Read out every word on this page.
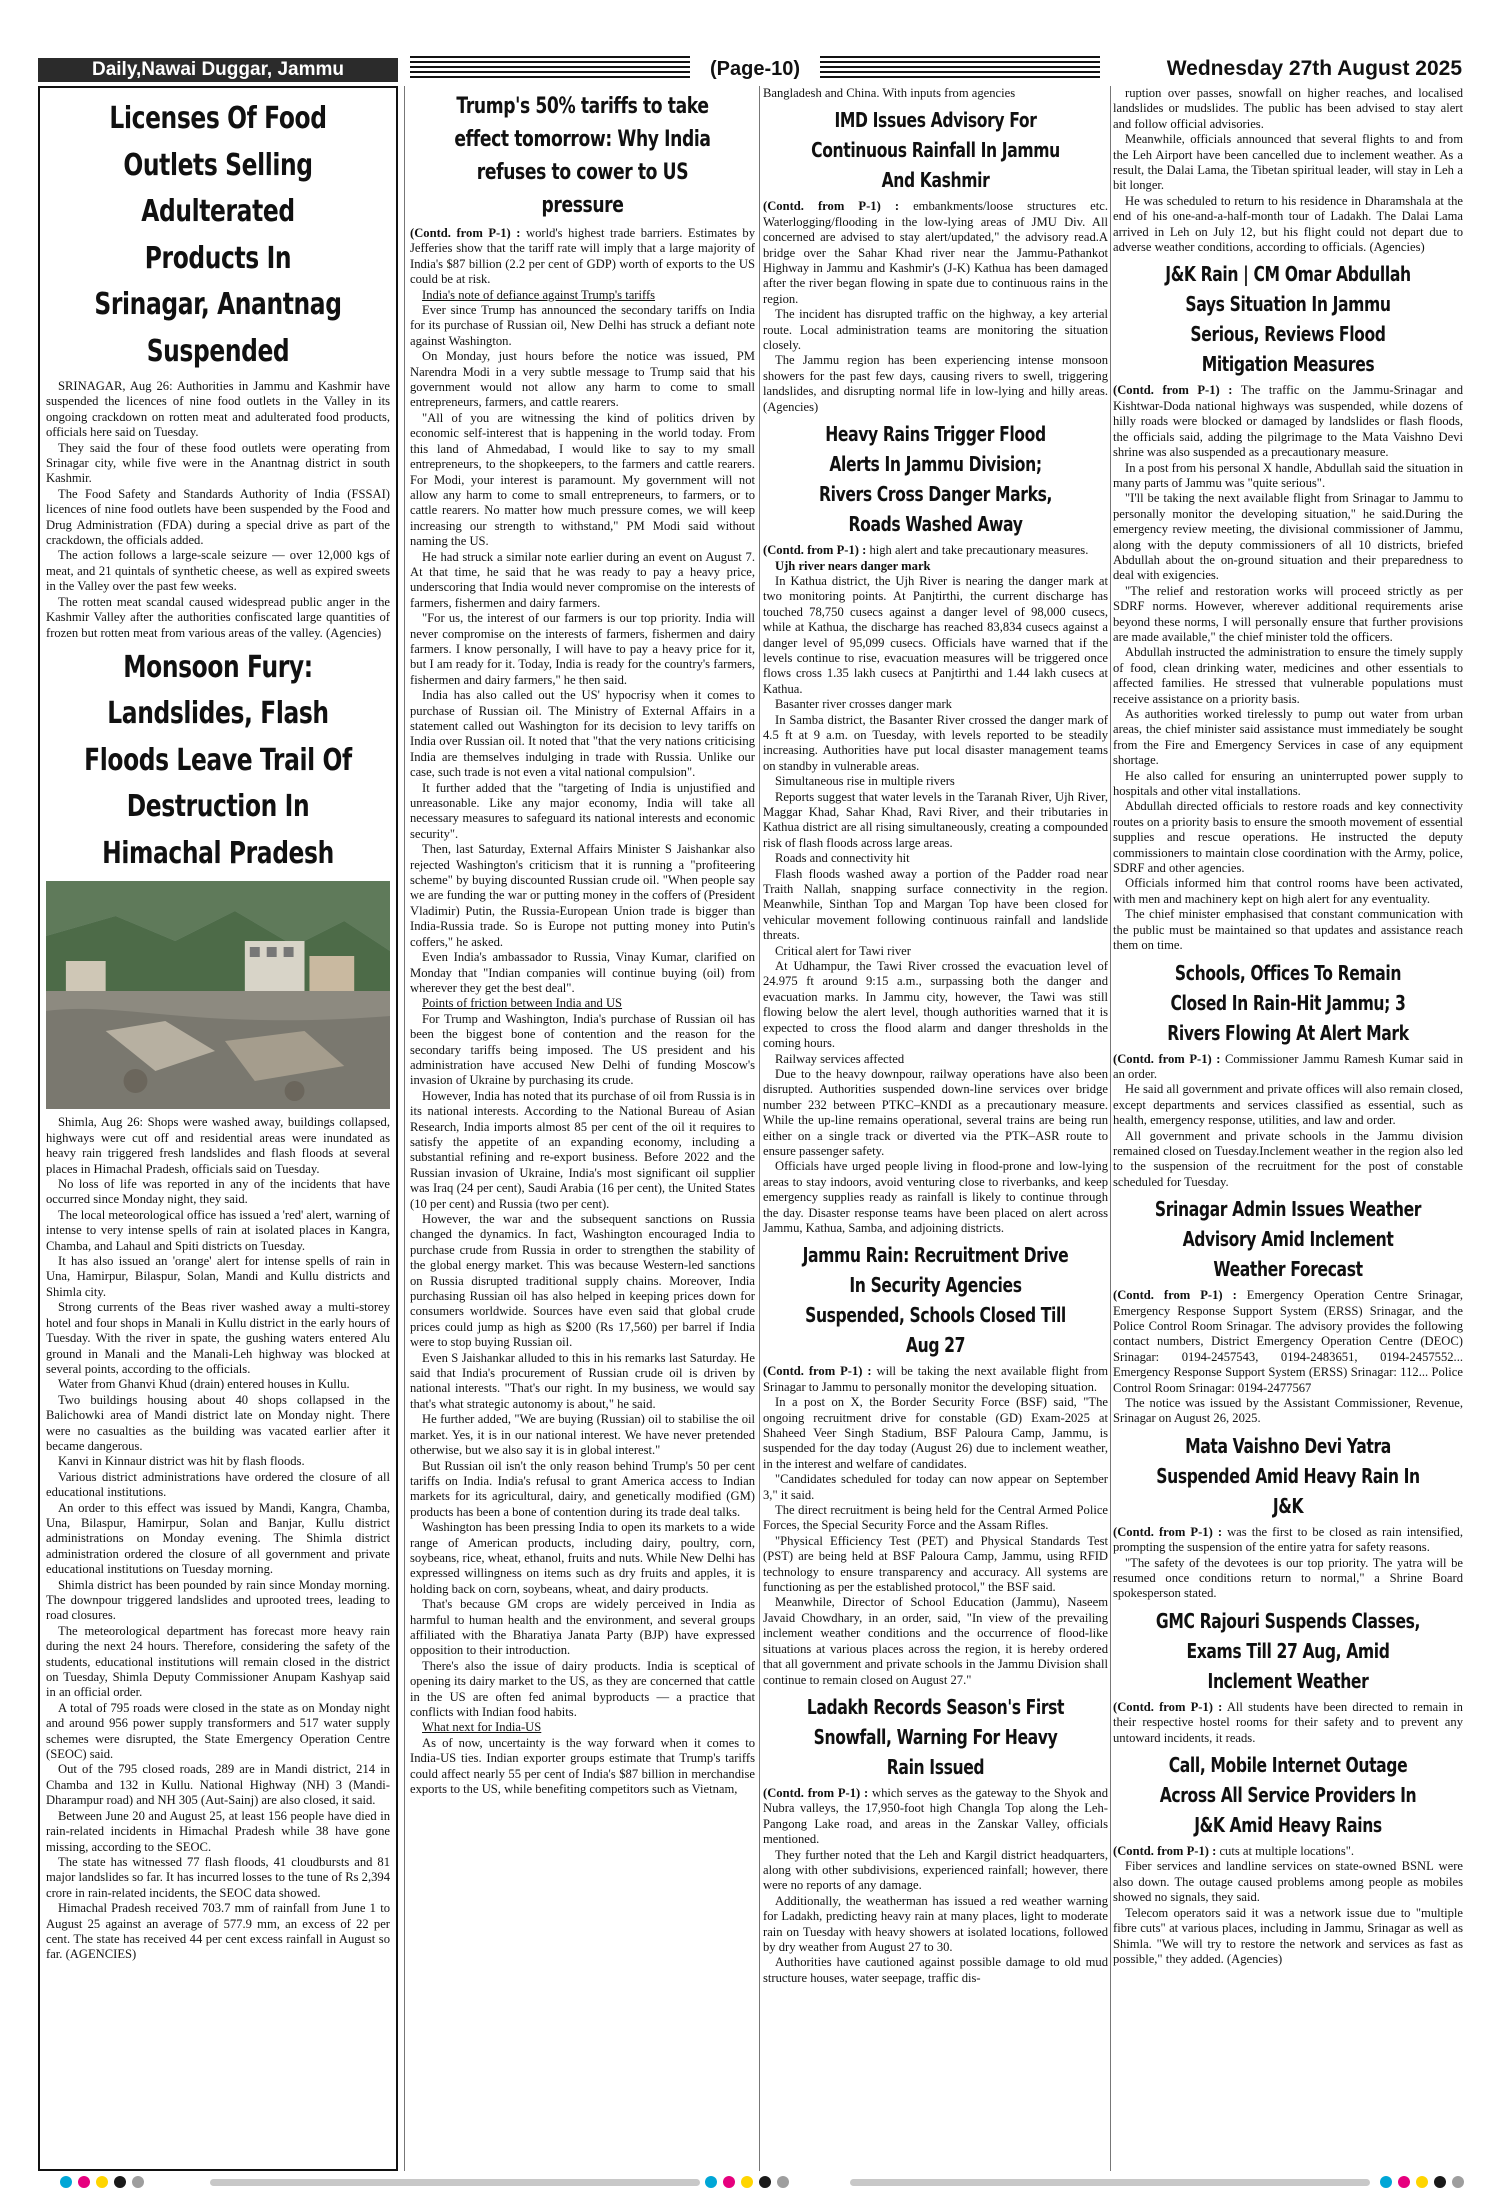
Daily,Nawai Duggar, Jammu	(Page-10)	Wednesday 27th August 2025
Licenses Of Food Outlets Selling Adulterated Products In Srinagar, Anantnag Suspended

SRINAGAR, Aug 26: Authorities in Jammu and Kashmir have suspended the licences of nine food outlets in the Valley in its ongoing crackdown on rotten meat and adulterated food products, officials here said on Tuesday.

They said the four of these food outlets were operating from Srinagar city, while five were in the Anantnag district in south Kashmir.

The Food Safety and Standards Authority of India (FSSAI) licences of nine food outlets have been suspended by the Food and Drug Administration (FDA) during a special drive as part of the crackdown, the officials added.

The action follows a large-scale seizure — over 12,000 kgs of meat, and 21 quintals of synthetic cheese, as well as expired sweets in the Valley over the past few weeks.

The rotten meat scandal caused widespread public anger in the Kashmir Valley after the authorities confiscated large quantities of frozen but rotten meat from various areas of the valley. (Agencies)

Monsoon Fury: Landslides, Flash Floods Leave Trail Of Destruction In Himachal Pradesh

Shimla, Aug 26: Shops were washed away, buildings collapsed, highways were cut off and residential areas were inundated as heavy rain triggered fresh landslides and flash floods at several places in Himachal Pradesh, officials said on Tuesday.

No loss of life was reported in any of the incidents that have occurred since Monday night, they said.

The local meteorological office has issued a 'red' alert, warning of intense to very intense spells of rain at isolated places in Kangra, Chamba, and Lahaul and Spiti districts on Tuesday.

It has also issued an 'orange' alert for intense spells of rain in Una, Hamirpur, Bilaspur, Solan, Mandi and Kullu districts and Shimla city.

Strong currents of the Beas river washed away a multi-storey hotel and four shops in Manali in Kullu district in the early hours of Tuesday. With the river in spate, the gushing waters entered Alu ground in Manali and the Manali-Leh highway was blocked at several points, according to the officials.

Water from Ghanvi Khud (drain) entered houses in Kullu.

Two buildings housing about 40 shops collapsed in the Balichowki area of Mandi district late on Monday night. There were no casualties as the building was vacated earlier after it became dangerous.

Kanvi in Kinnaur district was hit by flash floods.

Various district administrations have ordered the closure of all educational institutions.

An order to this effect was issued by Mandi, Kangra, Chamba, Una, Bilaspur, Hamirpur, Solan and Banjar, Kullu district administrations on Monday evening. The Shimla district administration ordered the closure of all government and private educational institutions on Tuesday morning.

Shimla district has been pounded by rain since Monday morning. The downpour triggered landslides and uprooted trees, leading to road closures.

The meteorological department has forecast more heavy rain during the next 24 hours. Therefore, considering the safety of the students, educational institutions will remain closed in the district on Tuesday, Shimla Deputy Commissioner Anupam Kashyap said in an official order.

A total of 795 roads were closed in the state as on Monday night and around 956 power supply transformers and 517 water supply schemes were disrupted, the State Emergency Operation Centre (SEOC) said.

Out of the 795 closed roads, 289 are in Mandi district, 214 in Chamba and 132 in Kullu. National Highway (NH) 3 (Mandi-Dharampur road) and NH 305 (Aut-Sainj) are also closed, it said.

Between June 20 and August 25, at least 156 people have died in rain-related incidents in Himachal Pradesh while 38 have gone missing, according to the SEOC.

The state has witnessed 77 flash floods, 41 cloudbursts and 81 major landslides so far. It has incurred losses to the tune of Rs 2,394 crore in rain-related incidents, the SEOC data showed.

Himachal Pradesh received 703.7 mm of rainfall from June 1 to August 25 against an average of 577.9 mm, an excess of 22 per cent. The state has received 44 per cent excess rainfall in August so far. (AGENCIES)

Trump's 50% tariffs to take effect tomorrow: Why India refuses to cower to US pressure

(Contd. from P-1) : world's highest trade barriers. Estimates by Jefferies show that the tariff rate will imply that a large majority of India's $87 billion (2.2 per cent of GDP) worth of exports to the US could be at risk.

India's note of defiance against Trump's tariffs

Ever since Trump has announced the secondary tariffs on India for its purchase of Russian oil, New Delhi has struck a defiant note against Washington.

On Monday, just hours before the notice was issued, PM Narendra Modi in a very subtle message to Trump said that his government would not allow any harm to come to small entrepreneurs, farmers, and cattle rearers.

"All of you are witnessing the kind of politics driven by economic self-interest that is happening in the world today. From this land of Ahmedabad, I would like to say to my small entrepreneurs, to the shopkeepers, to the farmers and cattle rearers. For Modi, your interest is paramount. My government will not allow any harm to come to small entrepreneurs, to farmers, or to cattle rearers. No matter how much pressure comes, we will keep increasing our strength to withstand," PM Modi said without naming the US.

He had struck a similar note earlier during an event on August 7. At that time, he said that he was ready to pay a heavy price, underscoring that India would never compromise on the interests of farmers, fishermen and dairy farmers.

"For us, the interest of our farmers is our top priority. India will never compromise on the interests of farmers, fishermen and dairy farmers. I know personally, I will have to pay a heavy price for it, but I am ready for it. Today, India is ready for the country's farmers, fishermen and dairy farmers," he then said.

India has also called out the US' hypocrisy when it comes to purchase of Russian oil. The Ministry of External Affairs in a statement called out Washington for its decision to levy tariffs on India over Russian oil. It noted that "that the very nations criticising India are themselves indulging in trade with Russia. Unlike our case, such trade is not even a vital national compulsion".

It further added that the "targeting of India is unjustified and unreasonable. Like any major economy, India will take all necessary measures to safeguard its national interests and economic security".

Then, last Saturday, External Affairs Minister S Jaishankar also rejected Washington's criticism that it is running a "profiteering scheme" by buying discounted Russian crude oil. "When people say we are funding the war or putting money in the coffers of (President Vladimir) Putin, the Russia-European Union trade is bigger than India-Russia trade. So is Europe not putting money into Putin's coffers," he asked.

Even India's ambassador to Russia, Vinay Kumar, clarified on Monday that "Indian companies will continue buying (oil) from wherever they get the best deal".

Points of friction between India and US

For Trump and Washington, India's purchase of Russian oil has been the biggest bone of contention and the reason for the secondary tariffs being imposed. The US president and his administration have accused New Delhi of funding Moscow's invasion of Ukraine by purchasing its crude.

However, India has noted that its purchase of oil from Russia is in its national interests. According to the National Bureau of Asian Research, India imports almost 85 per cent of the oil it requires to satisfy the appetite of an expanding economy, including a substantial refining and re-export business. Before 2022 and the Russian invasion of Ukraine, India's most significant oil supplier was Iraq (24 per cent), Saudi Arabia (16 per cent), the United States (10 per cent) and Russia (two per cent).

However, the war and the subsequent sanctions on Russia changed the dynamics. In fact, Washington encouraged India to purchase crude from Russia in order to strengthen the stability of the global energy market. This was because Western-led sanctions on Russia disrupted traditional supply chains. Moreover, India purchasing Russian oil has also helped in keeping prices down for consumers worldwide. Sources have even said that global crude prices could jump as high as $200 (Rs 17,560) per barrel if India were to stop buying Russian oil.

Even S Jaishankar alluded to this in his remarks last Saturday. He said that India's procurement of Russian crude oil is driven by national interests. "That's our right. In my business, we would say that's what strategic autonomy is about," he said.

He further added, "We are buying (Russian) oil to stabilise the oil market. Yes, it is in our national interest. We have never pretended otherwise, but we also say it is in global interest."

But Russian oil isn't the only reason behind Trump's 50 per cent tariffs on India. India's refusal to grant America access to Indian markets for its agricultural, dairy, and genetically modified (GM) products has been a bone of contention during its trade deal talks.

Washington has been pressing India to open its markets to a wide range of American products, including dairy, poultry, corn, soybeans, rice, wheat, ethanol, fruits and nuts. While New Delhi has expressed willingness on items such as dry fruits and apples, it is holding back on corn, soybeans, wheat, and dairy products.

That's because GM crops are widely perceived in India as harmful to human health and the environment, and several groups affiliated with the Bharatiya Janata Party (BJP) have expressed opposition to their introduction.

There's also the issue of dairy products. India is sceptical of opening its dairy market to the US, as they are concerned that cattle in the US are often fed animal byproducts — a practice that conflicts with Indian food habits.

What next for India-US

As of now, uncertainty is the way forward when it comes to India-US ties. Indian exporter groups estimate that Trump's tariffs could affect nearly 55 per cent of India's $87 billion in merchandise exports to the US, while benefiting competitors such as Vietnam,

Bangladesh and China. With inputs from agencies

IMD Issues Advisory For Continuous Rainfall In Jammu And Kashmir

(Contd. from P-1) : embankments/loose structures etc. Waterlogging/flooding in the low-lying areas of JMU Div. All concerned are advised to stay alert/updated," the advisory read.A bridge over the Sahar Khad river near the Jammu-Pathankot Highway in Jammu and Kashmir's (J-K) Kathua has been damaged after the river began flowing in spate due to continuous rains in the region.

The incident has disrupted traffic on the highway, a key arterial route. Local administration teams are monitoring the situation closely.

The Jammu region has been experiencing intense monsoon showers for the past few days, causing rivers to swell, triggering landslides, and disrupting normal life in low-lying and hilly areas. (Agencies)

Heavy Rains Trigger Flood Alerts In Jammu Division; Rivers Cross Danger Marks, Roads Washed Away

(Contd. from P-1) : high alert and take precautionary measures.

Ujh river nears danger mark

In Kathua district, the Ujh River is nearing the danger mark at two monitoring points. At Panjtirthi, the current discharge has touched 78,750 cusecs against a danger level of 98,000 cusecs, while at Kathua, the discharge has reached 83,834 cusecs against a danger level of 95,099 cusecs. Officials have warned that if the levels continue to rise, evacuation measures will be triggered once flows cross 1.35 lakh cusecs at Panjtirthi and 1.44 lakh cusecs at Kathua.

Basanter river crosses danger mark

In Samba district, the Basanter River crossed the danger mark of 4.5 ft at 9 a.m. on Tuesday, with levels reported to be steadily increasing. Authorities have put local disaster management teams on standby in vulnerable areas.

Simultaneous rise in multiple rivers

Reports suggest that water levels in the Taranah River, Ujh River, Maggar Khad, Sahar Khad, Ravi River, and their tributaries in Kathua district are all rising simultaneously, creating a compounded risk of flash floods across large areas.

Roads and connectivity hit

Flash floods washed away a portion of the Padder road near Traith Nallah, snapping surface connectivity in the region. Meanwhile, Sinthan Top and Margan Top have been closed for vehicular movement following continuous rainfall and landslide threats.

Critical alert for Tawi river

At Udhampur, the Tawi River crossed the evacuation level of 24.975 ft around 9:15 a.m., surpassing both the danger and evacuation marks. In Jammu city, however, the Tawi was still flowing below the alert level, though authorities warned that it is expected to cross the flood alarm and danger thresholds in the coming hours.

Railway services affected

Due to the heavy downpour, railway operations have also been disrupted. Authorities suspended down-line services over bridge number 232 between PTKC–KNDI as a precautionary measure. While the up-line remains operational, several trains are being run either on a single track or diverted via the PTK–ASR route to ensure passenger safety.

Officials have urged people living in flood-prone and low-lying areas to stay indoors, avoid venturing close to riverbanks, and keep emergency supplies ready as rainfall is likely to continue through the day. Disaster response teams have been placed on alert across Jammu, Kathua, Samba, and adjoining districts.

Jammu Rain: Recruitment Drive In Security Agencies Suspended, Schools Closed Till Aug 27

(Contd. from P-1) : will be taking the next available flight from Srinagar to Jammu to personally monitor the developing situation.

In a post on X, the Border Security Force (BSF) said, "The ongoing recruitment drive for constable (GD) Exam-2025 at Shaheed Veer Singh Stadium, BSF Paloura Camp, Jammu, is suspended for the day today (August 26) due to inclement weather, in the interest and welfare of candidates.

"Candidates scheduled for today can now appear on September 3," it said.

The direct recruitment is being held for the Central Armed Police Forces, the Special Security Force and the Assam Rifles.

"Physical Efficiency Test (PET) and Physical Standards Test (PST) are being held at BSF Paloura Camp, Jammu, using RFID technology to ensure transparency and accuracy. All systems are functioning as per the established protocol," the BSF said.

Meanwhile, Director of School Education (Jammu), Naseem Javaid Chowdhary, in an order, said, "In view of the prevailing inclement weather conditions and the occurrence of flood-like situations at various places across the region, it is hereby ordered that all government and private schools in the Jammu Division shall continue to remain closed on August 27."

Ladakh Records Season's First Snowfall, Warning For Heavy Rain Issued

(Contd. from P-1) : which serves as the gateway to the Shyok and Nubra valleys, the 17,950-foot high Changla Top along the Leh-Pangong Lake road, and areas in the Zanskar Valley, officials mentioned.

They further noted that the Leh and Kargil district headquarters, along with other subdivisions, experienced rainfall; however, there were no reports of any damage.

Additionally, the weatherman has issued a red weather warning for Ladakh, predicting heavy rain at many places, light to moderate rain on Tuesday with heavy showers at isolated locations, followed by dry weather from August 27 to 30.

Authorities have cautioned against possible damage to old mud structure houses, water seepage, traffic dis-

ruption over passes, snowfall on higher reaches, and localised landslides or mudslides. The public has been advised to stay alert and follow official advisories.

Meanwhile, officials announced that several flights to and from the Leh Airport have been cancelled due to inclement weather. As a result, the Dalai Lama, the Tibetan spiritual leader, will stay in Leh a bit longer.

He was scheduled to return to his residence in Dharamshala at the end of his one-and-a-half-month tour of Ladakh. The Dalai Lama arrived in Leh on July 12, but his flight could not depart due to adverse weather conditions, according to officials. (Agencies)

J&K Rain | CM Omar Abdullah Says Situation In Jammu Serious, Reviews Flood Mitigation Measures

(Contd. from P-1) : The traffic on the Jammu-Srinagar and Kishtwar-Doda national highways was suspended, while dozens of hilly roads were blocked or damaged by landslides or flash floods, the officials said, adding the pilgrimage to the Mata Vaishno Devi shrine was also suspended as a precautionary measure.

In a post from his personal X handle, Abdullah said the situation in many parts of Jammu was "quite serious".

"I'll be taking the next available flight from Srinagar to Jammu to personally monitor the developing situation," he said.During the emergency review meeting, the divisional commissioner of Jammu, along with the deputy commissioners of all 10 districts, briefed Abdullah about the on-ground situation and their preparedness to deal with exigencies.

"The relief and restoration works will proceed strictly as per SDRF norms. However, wherever additional requirements arise beyond these norms, I will personally ensure that further provisions are made available," the chief minister told the officers.

Abdullah instructed the administration to ensure the timely supply of food, clean drinking water, medicines and other essentials to affected families. He stressed that vulnerable populations must receive assistance on a priority basis.

As authorities worked tirelessly to pump out water from urban areas, the chief minister said assistance must immediately be sought from the Fire and Emergency Services in case of any equipment shortage.

He also called for ensuring an uninterrupted power supply to hospitals and other vital installations.

Abdullah directed officials to restore roads and key connectivity routes on a priority basis to ensure the smooth movement of essential supplies and rescue operations. He instructed the deputy commissioners to maintain close coordination with the Army, police, SDRF and other agencies.

Officials informed him that control rooms have been activated, with men and machinery kept on high alert for any eventuality.

The chief minister emphasised that constant communication with the public must be maintained so that updates and assistance reach them on time.

Schools, Offices To Remain Closed In Rain-Hit Jammu; 3 Rivers Flowing At Alert Mark

(Contd. from P-1) : Commissioner Jammu Ramesh Kumar said in an order.

He said all government and private offices will also remain closed, except departments and services classified as essential, such as health, emergency response, utilities, and law and order.

All government and private schools in the Jammu division remained closed on Tuesday.Inclement weather in the region also led to the suspension of the recruitment for the post of constable scheduled for Tuesday.

Srinagar Admin Issues Weather Advisory Amid Inclement Weather Forecast

(Contd. from P-1) : Emergency Operation Centre Srinagar, Emergency Response Support System (ERSS) Srinagar, and the Police Control Room Srinagar. The advisory provides the following contact numbers, District Emergency Operation Centre (DEOC) Srinagar: 0194-2457543, 0194-2483651, 0194-2457552... Emergency Response Support System (ERSS) Srinagar: 112... Police Control Room Srinagar: 0194-2477567

The notice was issued by the Assistant Commissioner, Revenue, Srinagar on August 26, 2025.

Mata Vaishno Devi Yatra Suspended Amid Heavy Rain In J&K

(Contd. from P-1) : was the first to be closed as rain intensified, prompting the suspension of the entire yatra for safety reasons.

"The safety of the devotees is our top priority. The yatra will be resumed once conditions return to normal," a Shrine Board spokesperson stated.

GMC Rajouri Suspends Classes, Exams Till 27 Aug, Amid Inclement Weather

(Contd. from P-1) : All students have been directed to remain in their respective hostel rooms for their safety and to prevent any untoward incidents, it reads.

Call, Mobile Internet Outage Across All Service Providers In J&K Amid Heavy Rains

(Contd. from P-1) : cuts at multiple locations".

Fiber services and landline services on state-owned BSNL were also down. The outage caused problems among people as mobiles showed no signals, they said.

Telecom operators said it was a network issue due to "multiple fibre cuts" at various places, including in Jammu, Srinagar as well as Shimla. "We will try to restore the network and services as fast as possible," they added. (Agencies)
